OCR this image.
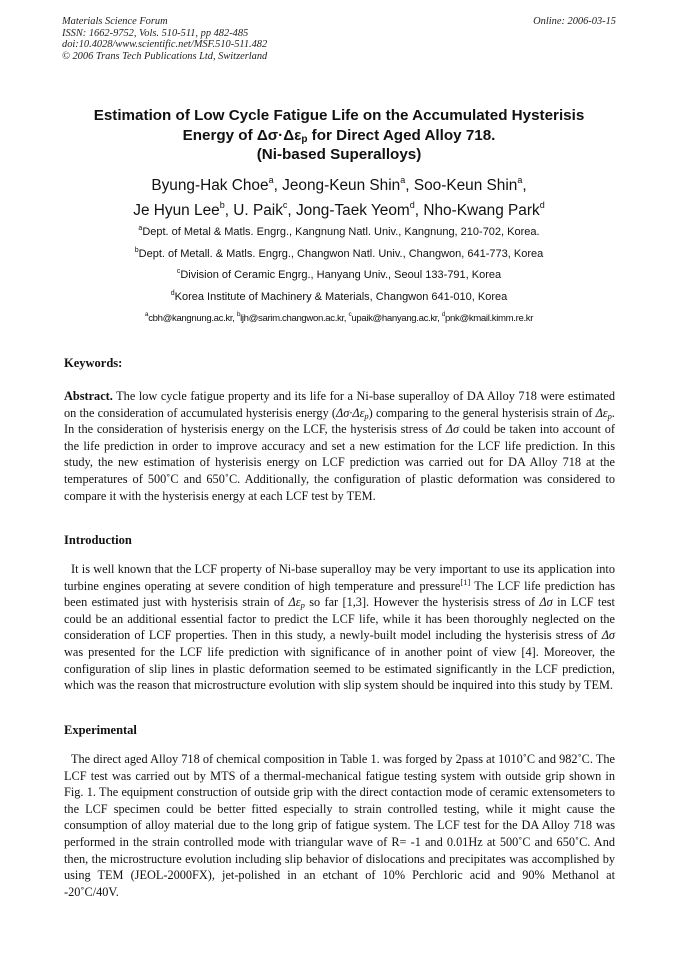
Materials Science Forum
ISSN: 1662-9752, Vols. 510-511, pp 482-485
doi:10.4028/www.scientific.net/MSF.510-511.482
© 2006 Trans Tech Publications Ltd, Switzerland
Online: 2006-03-15
Estimation of Low Cycle Fatigue Life on the Accumulated Hysterisis
Energy of $\Delta\sigma\cdot\Delta\varepsilon_p$ for Direct Aged Alloy 718.
(Ni-based Superalloys)
Byung-Hak Choe$^a$, Jeong-Keun Shin$^a$, Soo-Keun Shin$^a$,
Je Hyun Lee$^b$, U. Paik$^c$, Jong-Taek Yeom$^d$, Nho-Kwang Park$^d$
$^a$Dept. of Metal & Matls. Engrg., Kangnung Natl. Univ., Kangnung, 210-702, Korea.
$^b$Dept. of Metall. & Matls. Engrg., Changwon Natl. Univ., Changwon, 641-773, Korea
$^c$Division of Ceramic Engrg., Hanyang Univ., Seoul 133-791, Korea
$^d$Korea Institute of Machinery & Materials, Changwon 641-010, Korea
$^a$cbh@kangnung.ac.kr, $^b$ljh@sarim.changwon.ac.kr, $^c$upaik@hanyang.ac.kr, $^d$pnk@kmail.kimm.re.kr
Keywords:
Abstract. The low cycle fatigue property and its life for a Ni-base superalloy of DA Alloy 718 were estimated on the consideration of accumulated hysterisis energy $(\Delta\sigma\cdot\Delta\varepsilon_p)$ comparing to the general hysterisis strain of $\Delta\varepsilon_p$. In the consideration of hysterisis energy on the LCF, the hysterisis stress of Δσ could be taken into account of the life prediction in order to improve accuracy and set a new estimation for the LCF life prediction. In this study, the new estimation of hysterisis energy on LCF prediction was carried out for DA Alloy 718 at the temperatures of 500˚C and 650˚C. Additionally, the configuration of plastic deformation was considered to compare it with the hysterisis energy at each LCF test by TEM.
Introduction
It is well known that the LCF property of Ni-base superalloy may be very important to use its application into turbine engines operating at severe condition of high temperature and pressure[1] The LCF life prediction has been estimated just with hysterisis strain of $\Delta\varepsilon_p$ so far [1,3]. However the hysterisis stress of Δσ in LCF test could be an additional essential factor to predict the LCF life, while it has been thoroughly neglected on the consideration of LCF properties. Then in this study, a newly-built model including the hysterisis stress of Δσ was presented for the LCF life prediction with significance of in another point of view [4]. Moreover, the configuration of slip lines in plastic deformation seemed to be estimated significantly in the LCF prediction, which was the reason that microstructure evolution with slip system should be inquired into this study by TEM.
Experimental
The direct aged Alloy 718 of chemical composition in Table 1. was forged by 2pass at 1010˚C and 982˚C. The LCF test was carried out by MTS of a thermal-mechanical fatigue testing system with outside grip shown in Fig. 1. The equipment construction of outside grip with the direct contaction mode of ceramic extensometers to the LCF specimen could be better fitted especially to strain controlled testing, while it might cause the consumption of alloy material due to the long grip of fatigue system. The LCF test for the DA Alloy 718 was performed in the strain controlled mode with triangular wave of R= -1 and 0.01Hz at 500˚C and 650˚C. And then, the microstructure evolution including slip behavior of dislocations and precipitates was accomplished by using TEM (JEOL-2000FX), jet-polished in an etchant of 10% Perchloric acid and 90% Methanol at -20˚C/40V.
